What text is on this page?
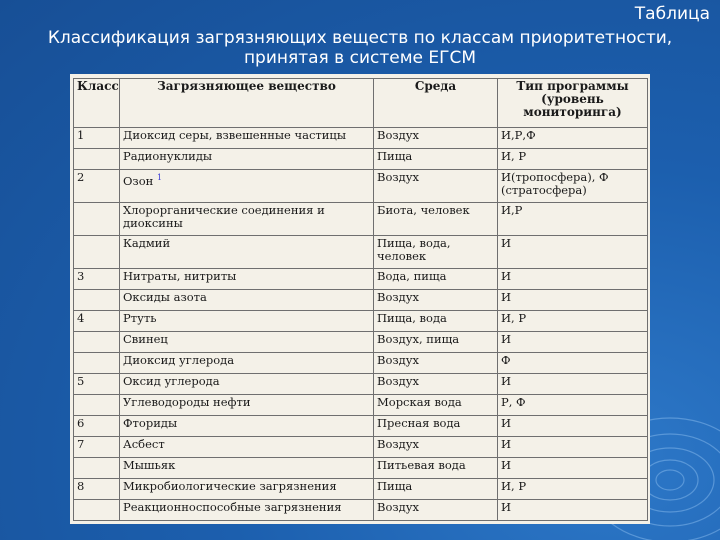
Таблица
Классификация загрязняющих веществ по классам приоритетности,
принятая в системе ЕГСМ
Класс	Загрязняющее вещество	Среда	Тип программы (уровень мониторинга)
1	Диоксид серы, взвешенные частицы	Воздух	И,Р,Ф
	Радионуклиды	Пища	И, Р
2	Озон $^1$	Воздух	И(тропосфера), Ф (стратосфера)
	Хлорорганические соединения и диоксины	Биота, человек	И,Р
	Кадмий	Пища, вода, человек	И
3	Нитраты, нитриты	Вода, пища	И
	Оксиды азота	Воздух	И
4	Ртуть	Пища, вода	И, Р
	Свинец	Воздух, пища	И
	Диоксид углерода	Воздух	Ф
5	Оксид углерода	Воздух	И
	Углеводороды нефти	Морская вода	Р, Ф
6	Фториды	Пресная вода	И
7	Асбест	Воздух	И
	Мышьяк	Питьевая вода	И
8	Микробиологические загрязнения	Пища	И, Р
	Реакционноспособные загрязнения	Воздух	И
